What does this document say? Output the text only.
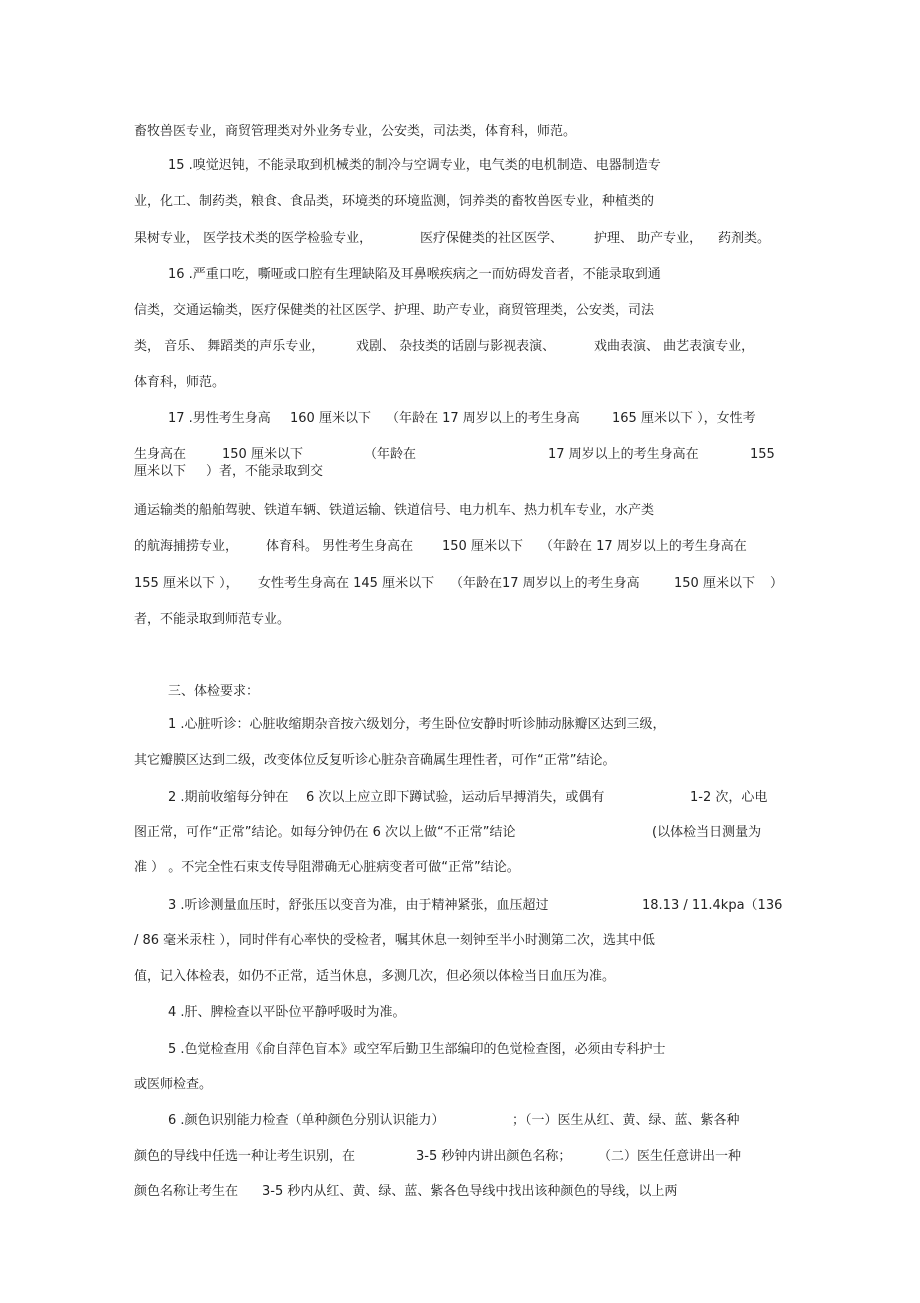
畜牧兽医专业，商贸管理类对外业务专业，公安类，司法类，体育科，师范。
15 .嗅觉迟钝，不能录取到机械类的制冷与空调专业，电气类的电机制造、电器制造专
业，化工、制药类，粮食、食品类，环境类的环境监测，饲养类的畜牧兽医专业，种植类的
果树专业， 医学技术类的医学检验专业，	医疗保健类的社区医学、 护理、 助产专业， 药剂类。
16 .严重口吃，嘶哑或口腔有生理缺陷及耳鼻喉疾病之一而妨碍发音者，不能录取到通
信类，交通运输类，医疗保健类的社区医学、护理、助产专业，商贸管理类，公安类，司法
类， 音乐、 舞蹈类的声乐专业， 戏剧、 杂技类的话剧与影视表演、	戏曲表演、 曲艺表演专业，
体育科，师范。
17 .男性考生身高 160 厘米以下 （年龄在 17 周岁以上的考生身高 165 厘米以下 ），女性考
生身高在	150 厘米以下	（年龄在	17 周岁以上的考生身高在	155
厘米以下 ）者，不能录取到交
通运输类的船舶驾驶、铁道车辆、铁道运输、铁道信号、电力机车、热力机车专业，水产类
的航海捕捞专业， 体育科。 男性考生身高在 150 厘米以下 （年龄在 17 周岁以上的考生身高在
155 厘米以下 ）， 女性考生身高在 145 厘米以下 （年龄在17 周岁以上的考生身高	150 厘米以下 ）
者，不能录取到师范专业。
三、体检要求：
1 .心脏听诊：心脏收缩期杂音按六级划分，考生卧位安静时听诊肺动脉瓣区达到三级，
其它瓣膜区达到二级，改变体位反复听诊心脏杂音确属生理性者，可作“正常”结论。
2 .期前收缩每分钟在 6 次以上应立即下蹲试验，运动后早搏消失，或偶有	1-2 次，心电
图正常，可作“正常”结论。如每分钟仍在 6 次以上做“不正常”结论	(以体检当日测量为
准 ） 。不完全性石束支传导阻滞确无心脏病变者可做“正常”结论。
3 .听诊测量血压时，舒张压以变音为准，由于精神紧张，血压超过	18.13 / 11.4kpa（136
/ 86 毫米汞柱 ），同时伴有心率快的受检者，嘱其休息一刻钟至半小时测第二次，选其中低
值，记入体检表，如仍不正常，适当休息，多测几次，但必须以体检当日血压为准。
4 .肝、脾检查以平卧位平静呼吸时为准。
5 .色觉检查用《俞自萍色盲本》或空军后勤卫生部编印的色觉检查图，必须由专科护士
或医师检查。
6 .颜色识别能力检查（单种颜色分别认识能力）	；（一）医生从红、黄、绿、蓝、紫各种
颜色的导线中任选一种让考生识别，在	3-5 秒钟内讲出颜色名称； （二）医生任意讲出一种
颜色名称让考生在 3-5 秒内从红、黄、绿、蓝、紫各色导线中找出该种颜色的导线，以上两
